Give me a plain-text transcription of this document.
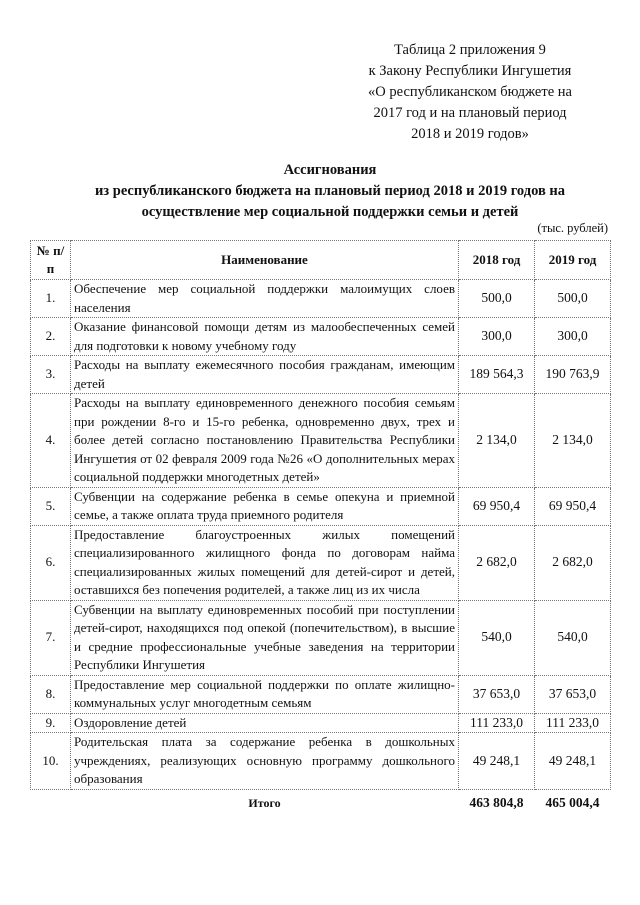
Таблица 2 приложения 9
к Закону Республики Ингушетия
«О республиканском бюджете на
2017 год и на плановый период
2018 и 2019 годов»
Ассигнования
из республиканского бюджета на плановый период 2018 и 2019 годов на
осуществление мер социальной поддержки семьи и детей
(тыс. рублей)
№ п/п	Наименование	2018 год	2019 год
1.	Обеспечение мер социальной поддержки малоимущих слоев населения	500,0	500,0
2.	Оказание финансовой помощи детям из малообеспеченных семей для подготовки к новому учебному году	300,0	300,0
3.	Расходы на выплату ежемесячного пособия гражданам, имеющим детей	189 564,3	190 763,9
4.	Расходы на выплату единовременного денежного пособия семьям при рождении 8-го и 15-го ребенка, одновременно двух, трех и более детей согласно постановлению Правительства Республики Ингушетия от 02 февраля 2009 года №26 «О дополнительных мерах социальной поддержки многодетных детей»	2 134,0	2 134,0
5.	Субвенции на содержание ребенка в семье опекуна и приемной семье, а также оплата труда приемного родителя	69 950,4	69 950,4
6.	Предоставление благоустроенных жилых помещений специализированного жилищного фонда по договорам найма специализированных жилых помещений для детей-сирот и детей, оставшихся без попечения родителей, а также лиц из их числа	2 682,0	2 682,0
7.	Субвенции на выплату единовременных пособий при поступлении детей-сирот, находящихся под опекой (попечительством), в высшие и средние профессиональные учебные заведения на территории Республики Ингушетия	540,0	540,0
8.	Предоставление мер социальной поддержки по оплате жилищно-коммунальных услуг многодетным семьям	37 653,0	37 653,0
9.	Оздоровление детей	111 233,0	111 233,0
10.	Родительская плата за содержание ребенка в дошкольных учреждениях, реализующих основную программу дошкольного образования	49 248,1	49 248,1
	Итого	463 804,8	465 004,4
